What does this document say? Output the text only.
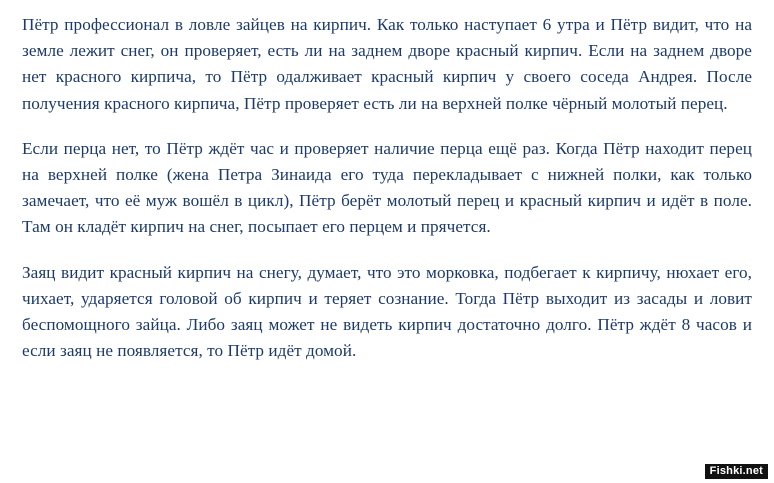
Пётр профессионал в ловле зайцев на кирпич. Как только наступает 6 утра и Пётр видит, что на земле лежит снег, он проверяет, есть ли на заднем дворе красный кирпич. Если на заднем дворе нет красного кирпича, то Пётр одалживает красный кирпич у своего соседа Андрея. После получения красного кирпича, Пётр проверяет есть ли на верхней полке чёрный молотый перец.

Если перца нет, то Пётр ждёт час и проверяет наличие перца ещё раз. Когда Пётр находит перец на верхней полке (жена Петра Зинаида его туда перекладывает с нижней полки, как только замечает, что её муж вошёл в цикл), Пётр берёт молотый перец и красный кирпич и идёт в поле. Там он кладёт кирпич на снег, посыпает его перцем и прячется.

Заяц видит красный кирпич на снегу, думает, что это морковка, подбегает к кирпичу, нюхает его, чихает, ударяется головой об кирпич и теряет сознание. Тогда Пётр выходит из засады и ловит беспомощного зайца. Либо заяц может не видеть кирпич достаточно долго. Пётр ждёт 8 часов и если заяц не появляется, то Пётр идёт домой.

Fishki.net
